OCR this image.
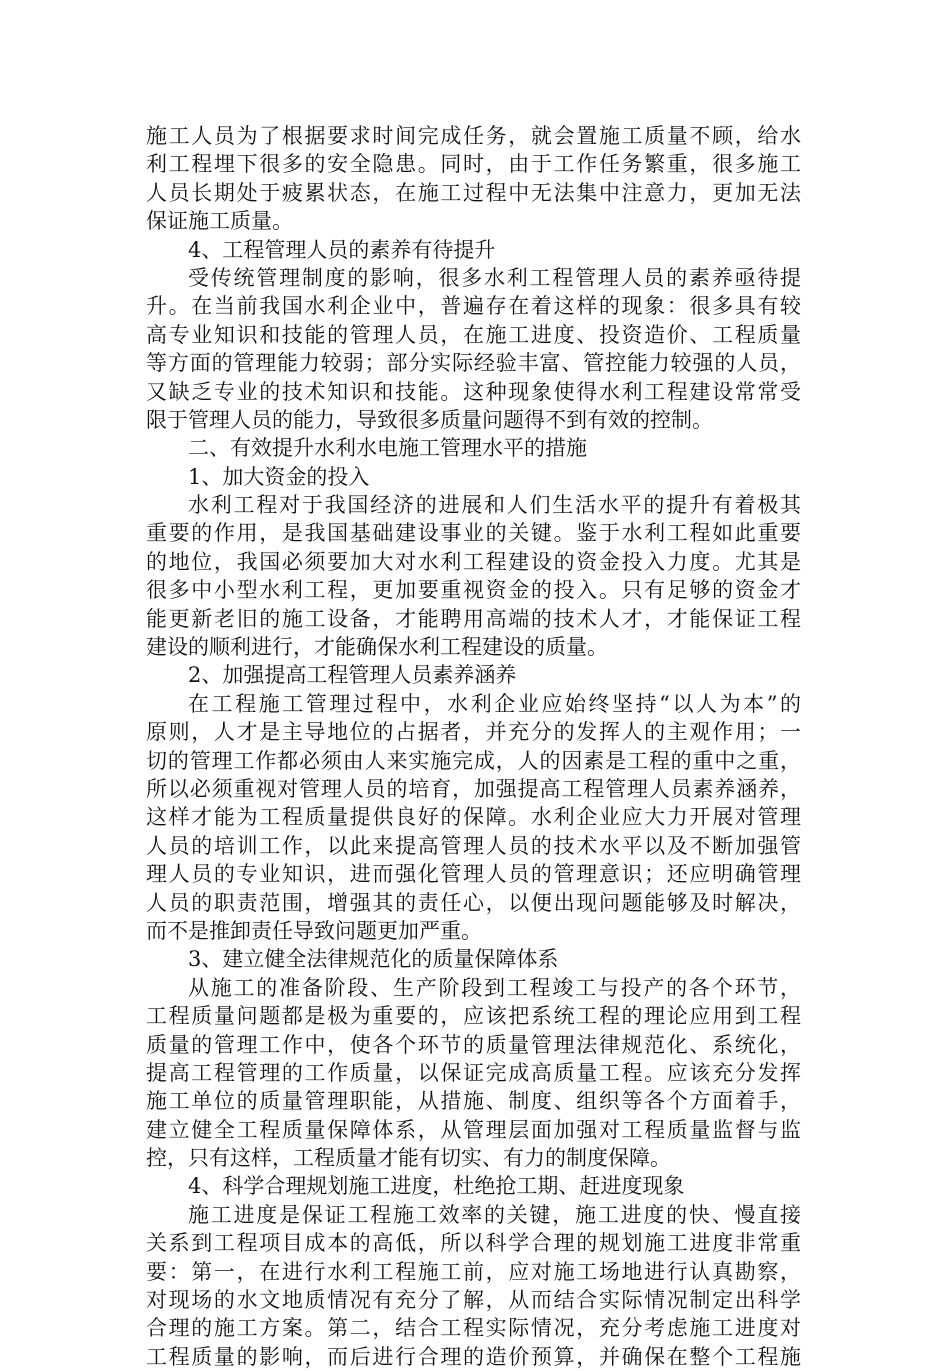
施工人员为了根据要求时间完成任务，就会置施工质量不顾，给水
利工程埋下很多的安全隐患。同时，由于工作任务繁重，很多施工
人员长期处于疲累状态，在施工过程中无法集中注意力，更加无法
保证施工质量。
4、工程管理人员的素养有待提升
受传统管理制度的影响，很多水利工程管理人员的素养亟待提
升。在当前我国水利企业中，普遍存在着这样的现象：很多具有较
高专业知识和技能的管理人员，在施工进度、投资造价、工程质量
等方面的管理能力较弱；部分实际经验丰富、管控能力较强的人员，
又缺乏专业的技术知识和技能。这种现象使得水利工程建设常常受
限于管理人员的能力，导致很多质量问题得不到有效的控制。
二、有效提升水利水电施工管理水平的措施
1、加大资金的投入
水利工程对于我国经济的进展和人们生活水平的提升有着极其
重要的作用，是我国基础建设事业的关键。鉴于水利工程如此重要
的地位，我国必须要加大对水利工程建设的资金投入力度。尤其是
很多中小型水利工程，更加要重视资金的投入。只有足够的资金才
能更新老旧的施工设备，才能聘用高端的技术人才，才能保证工程
建设的顺利进行，才能确保水利工程建设的质量。
2、加强提高工程管理人员素养涵养
在工程施工管理过程中，水利企业应始终坚持“以人为本”的
原则，人才是主导地位的占据者，并充分的发挥人的主观作用；一
切的管理工作都必须由人来实施完成，人的因素是工程的重中之重，
所以必须重视对管理人员的培育，加强提高工程管理人员素养涵养，
这样才能为工程质量提供良好的保障。水利企业应大力开展对管理
人员的培训工作，以此来提高管理人员的技术水平以及不断加强管
理人员的专业知识，进而强化管理人员的管理意识；还应明确管理
人员的职责范围，增强其的责任心，以便出现问题能够及时解决，
而不是推卸责任导致问题更加严重。
3、建立健全法律规范化的质量保障体系
从施工的准备阶段、生产阶段到工程竣工与投产的各个环节，
工程质量问题都是极为重要的，应该把系统工程的理论应用到工程
质量的管理工作中，使各个环节的质量管理法律规范化、系统化，
提高工程管理的工作质量，以保证完成高质量工程。应该充分发挥
施工单位的质量管理职能，从措施、制度、组织等各个方面着手，
建立健全工程质量保障体系，从管理层面加强对工程质量监督与监
控，只有这样，工程质量才能有切实、有力的制度保障。
4、科学合理规划施工进度，杜绝抢工期、赶进度现象
施工进度是保证工程施工效率的关键，施工进度的快、慢直接
关系到工程项目成本的高低，所以科学合理的规划施工进度非常重
要：第一，在进行水利工程施工前，应对施工场地进行认真勘察，
对现场的水文地质情况有充分了解，从而结合实际情况制定出科学
合理的施工方案。第二，结合工程实际情况，充分考虑施工进度对
工程质量的影响，而后进行合理的造价预算，并确保在整个工程施
